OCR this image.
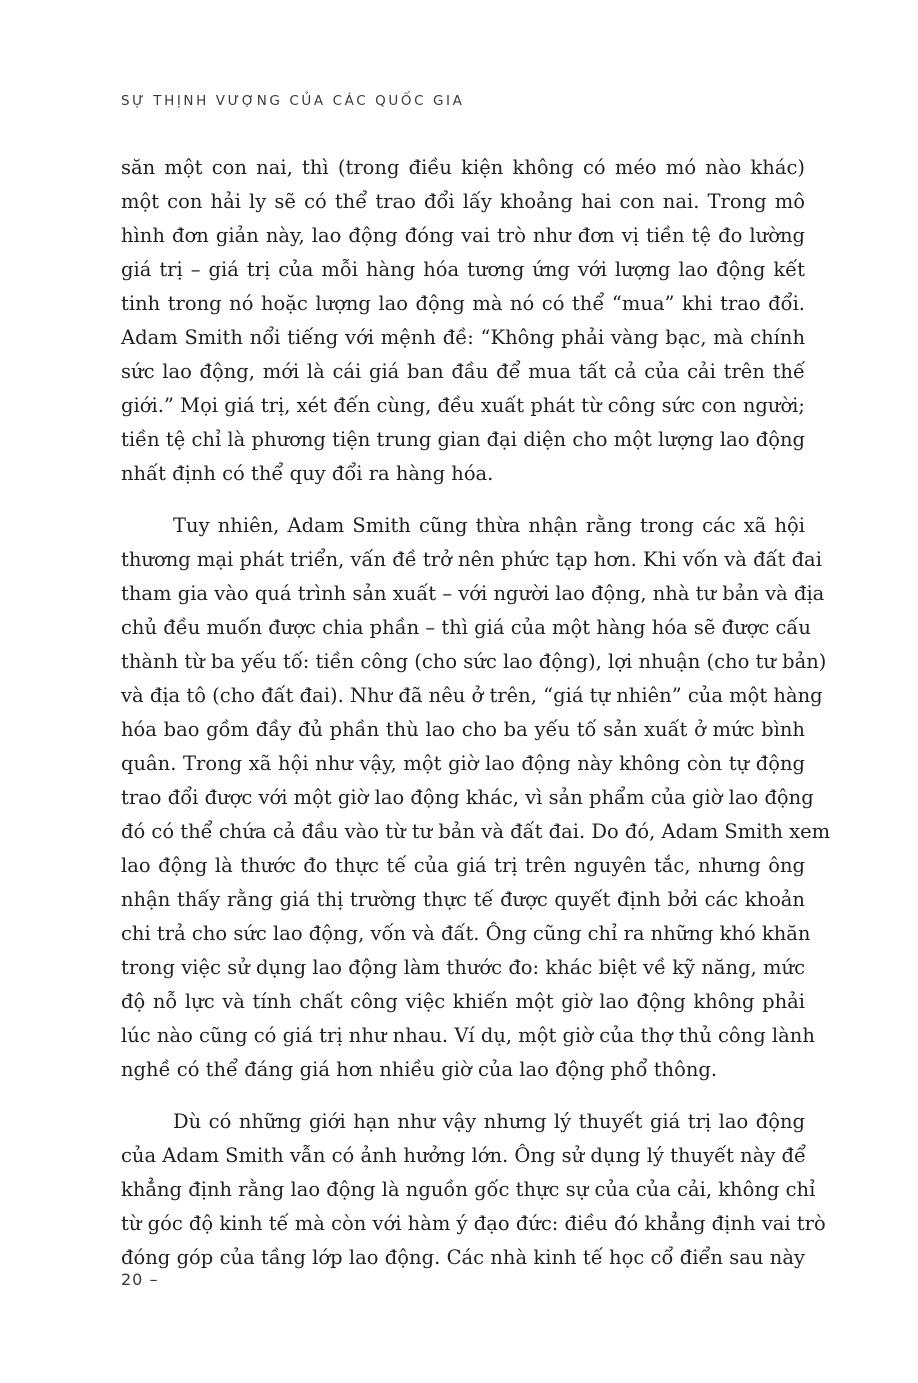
SỰ THỊNH VƯỢNG CỦA CÁC QUỐC GIA
săn một con nai, thì (trong điều kiện không có méo mó nào khác)
một con hải ly sẽ có thể trao đổi lấy khoảng hai con nai. Trong mô
hình đơn giản này, lao động đóng vai trò như đơn vị tiền tệ đo lường
giá trị – giá trị của mỗi hàng hóa tương ứng với lượng lao động kết
tinh trong nó hoặc lượng lao động mà nó có thể “mua” khi trao đổi.
Adam Smith nổi tiếng với mệnh đề: “Không phải vàng bạc, mà chính
sức lao động, mới là cái giá ban đầu để mua tất cả của cải trên thế
giới.” Mọi giá trị, xét đến cùng, đều xuất phát từ công sức con người;
tiền tệ chỉ là phương tiện trung gian đại diện cho một lượng lao động
nhất định có thể quy đổi ra hàng hóa.
Tuy nhiên, Adam Smith cũng thừa nhận rằng trong các xã hội
thương mại phát triển, vấn đề trở nên phức tạp hơn. Khi vốn và đất đai
tham gia vào quá trình sản xuất – với người lao động, nhà tư bản và địa
chủ đều muốn được chia phần – thì giá của một hàng hóa sẽ được cấu
thành từ ba yếu tố: tiền công (cho sức lao động), lợi nhuận (cho tư bản)
và địa tô (cho đất đai). Như đã nêu ở trên, “giá tự nhiên” của một hàng
hóa bao gồm đầy đủ phần thù lao cho ba yếu tố sản xuất ở mức bình
quân. Trong xã hội như vậy, một giờ lao động này không còn tự động
trao đổi được với một giờ lao động khác, vì sản phẩm của giờ lao động
đó có thể chứa cả đầu vào từ tư bản và đất đai. Do đó, Adam Smith xem
lao động là thước đo thực tế của giá trị trên nguyên tắc, nhưng ông
nhận thấy rằng giá thị trường thực tế được quyết định bởi các khoản
chi trả cho sức lao động, vốn và đất. Ông cũng chỉ ra những khó khăn
trong việc sử dụng lao động làm thước đo: khác biệt về kỹ năng, mức
độ nỗ lực và tính chất công việc khiến một giờ lao động không phải
lúc nào cũng có giá trị như nhau. Ví dụ, một giờ của thợ thủ công lành
nghề có thể đáng giá hơn nhiều giờ của lao động phổ thông.
Dù có những giới hạn như vậy nhưng lý thuyết giá trị lao động
của Adam Smith vẫn có ảnh hưởng lớn. Ông sử dụng lý thuyết này để
khẳng định rằng lao động là nguồn gốc thực sự của của cải, không chỉ
từ góc độ kinh tế mà còn với hàm ý đạo đức: điều đó khẳng định vai trò
đóng góp của tầng lớp lao động. Các nhà kinh tế học cổ điển sau này
20 –
